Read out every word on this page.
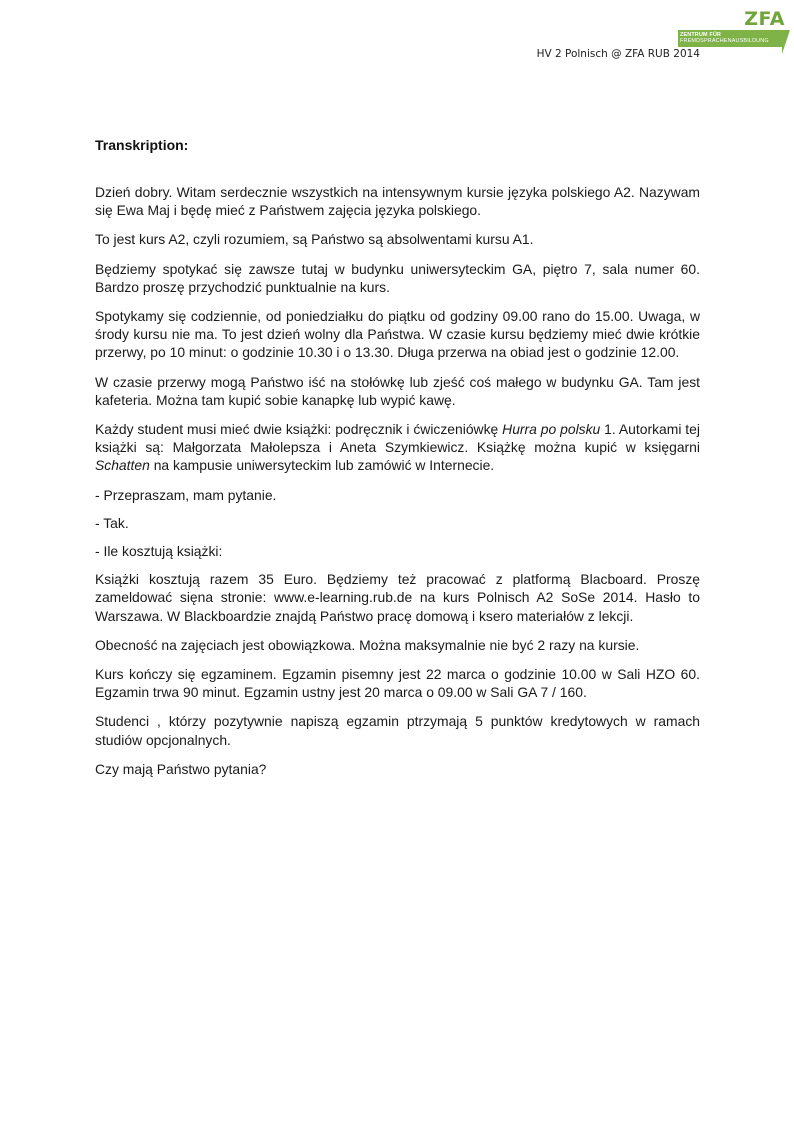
ZFA
ZENTRUM FÜR
FREMDSPRACHENAUSBILDUNG
HV 2 Polnisch @ ZFA RUB 2014
Transkription:

Dzień dobry. Witam serdecznie wszystkich na intensywnym kursie języka polskiego A2. Nazywam się Ewa Maj i będę mieć z Państwem zajęcia języka polskiego.

To jest kurs A2, czyli rozumiem, są Państwo są absolwentami kursu A1.

Będziemy spotykać się zawsze tutaj w budynku uniwersyteckim GA, piętro 7, sala numer 60. Bardzo proszę przychodzić punktualnie na kurs.

Spotykamy się codziennie, od poniedziałku do piątku od godziny 09.00 rano do 15.00. Uwaga, w środy kursu nie ma. To jest dzień wolny dla Państwa. W czasie kursu będziemy mieć dwie krótkie przerwy, po 10 minut: o godzinie 10.30 i o 13.30. Długa przerwa na obiad jest o godzinie 12.00.

W czasie przerwy mogą Państwo iść na stołówkę lub zjeść coś małego w budynku GA. Tam jest kafeteria. Można tam kupić sobie kanapkę lub wypić kawę.

Każdy student musi mieć dwie książki: podręcznik i ćwiczeniówkę Hurra po polsku 1. Autorkami tej książki są: Małgorzata Małolepsza i Aneta Szymkiewicz. Książkę można kupić w księgarni Schatten na kampusie uniwersyteckim lub zamówić w Internecie.

- Przepraszam, mam pytanie.

- Tak.

- Ile kosztują książki:

Książki kosztują razem 35 Euro. Będziemy też pracować z platformą Blacboard. Proszę zameldować sięna stronie: www.e-learning.rub.de na kurs Polnisch A2 SoSe 2014. Hasło to Warszawa. W Blackboardzie znajdą Państwo pracę domową i ksero materiałów z lekcji.

Obecność na zajęciach jest obowiązkowa. Można maksymalnie nie być 2 razy na kursie.

Kurs kończy się egzaminem. Egzamin pisemny jest 22 marca o godzinie 10.00 w Sali HZO 60. Egzamin trwa 90 minut. Egzamin ustny jest 20 marca o 09.00 w Sali GA 7 / 160.

Studenci , którzy pozytywnie napiszą egzamin ptrzymają 5 punktów kredytowych w ramach studiów opcjonalnych.

Czy mają Państwo pytania?
